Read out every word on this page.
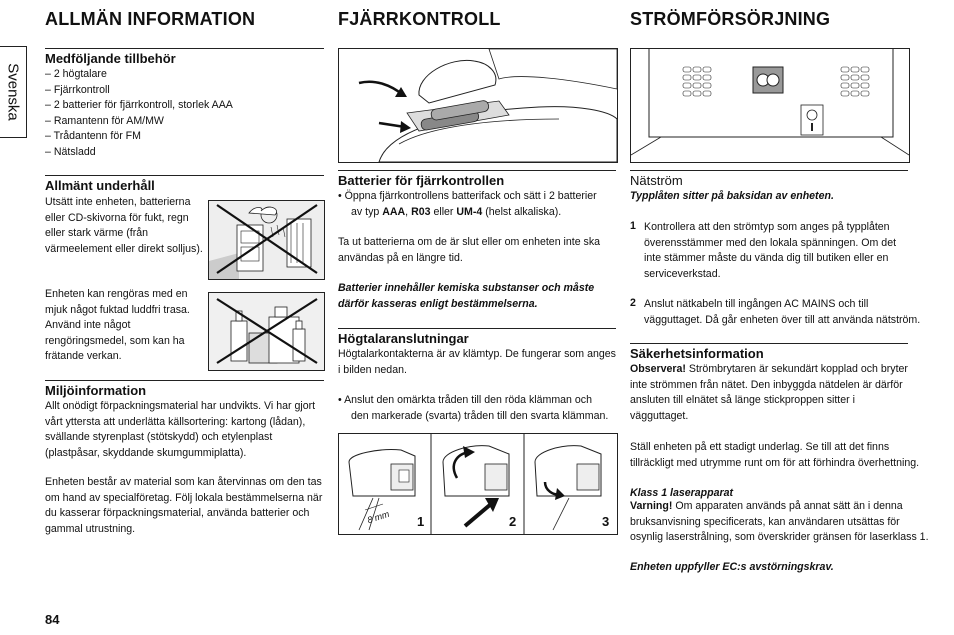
ALLMÄN INFORMATION	FJÄRRKONTROLL	STRÖMFÖRSÖRJNING
Svenska
Medföljande tillbehör
– 2 högtalare
– Fjärrkontroll
– 2 batterier för fjärrkontroll, storlek AAA
– Ramantenn för AM/MW
– Trådantenn för FM
– Nätsladd
Allmänt underhåll
Utsätt inte enheten, batterierna
eller CD-skivorna för fukt, regn
eller stark värme (från
värmeelement eller direkt solljus).
Enheten kan rengöras med en
mjuk något fuktad luddfri trasa.
Använd inte något
rengöringsmedel, som kan ha
frätande verkan.
Miljöinformation
Allt onödigt förpackningsmaterial har undvikts. Vi har gjort
vårt yttersta att underlätta källsortering: kartong (lådan),
svällande styrenplast (stötskydd) och etylenplast
(plastpåsar, skyddande skumgummiplatta).
Enheten består av material som kan återvinnas om den tas
om hand av specialföretag. Följ lokala bestämmelserna när
du kasserar förpackningsmaterial, använda batterier och
gammal utrustning.
Batterier för fjärrkontrollen
• Öppna fjärrkontrollens batterifack och sätt i 2 batterier
av typ AAA, R03 eller UM-4 (helst alkaliska).
Ta ut batterierna om de är slut eller om enheten inte ska
användas på en längre tid.
Batterier innehåller kemiska substanser och måste
därför kasseras enligt bestämmelserna.
Högtalaranslutningar
Högtalarkontakterna är av klämtyp. De fungerar som anges
i bilden nedan.
• Anslut den omärkta tråden till den röda klämman och
den markerade (svarta) tråden till den svarta klämman.
8 mm 1	2	3
Nätström
Typplåten sitter på baksidan av enheten.
1 Kontrollera att den strömtyp som anges på typplåten
överensstämmer med den lokala spänningen. Om det
inte stämmer måste du vända dig till butiken eller en
serviceverkstad.
2 Anslut nätkabeln till ingången AC MAINS och till
vägguttaget. Då går enheten över till att använda nätström.
Säkerhetsinformation
Observera! Strömbrytaren är sekundärt kopplad och bryter
inte strömmen från nätet. Den inbyggda nätdelen är därför
ansluten till elnätet så länge stickproppen sitter i
vägguttaget.
Ställ enheten på ett stadigt underlag. Se till att det finns
tillräckligt med utrymme runt om för att förhindra överhettning.
Klass 1 laserapparat
Varning! Om apparaten används på annat sätt än i denna
bruksanvisning specificerats, kan användaren utsättas för
osynlig laserstrålning, som överskrider gränsen för laserklass 1.
Enheten uppfyller EC:s avstörningskrav.
84
